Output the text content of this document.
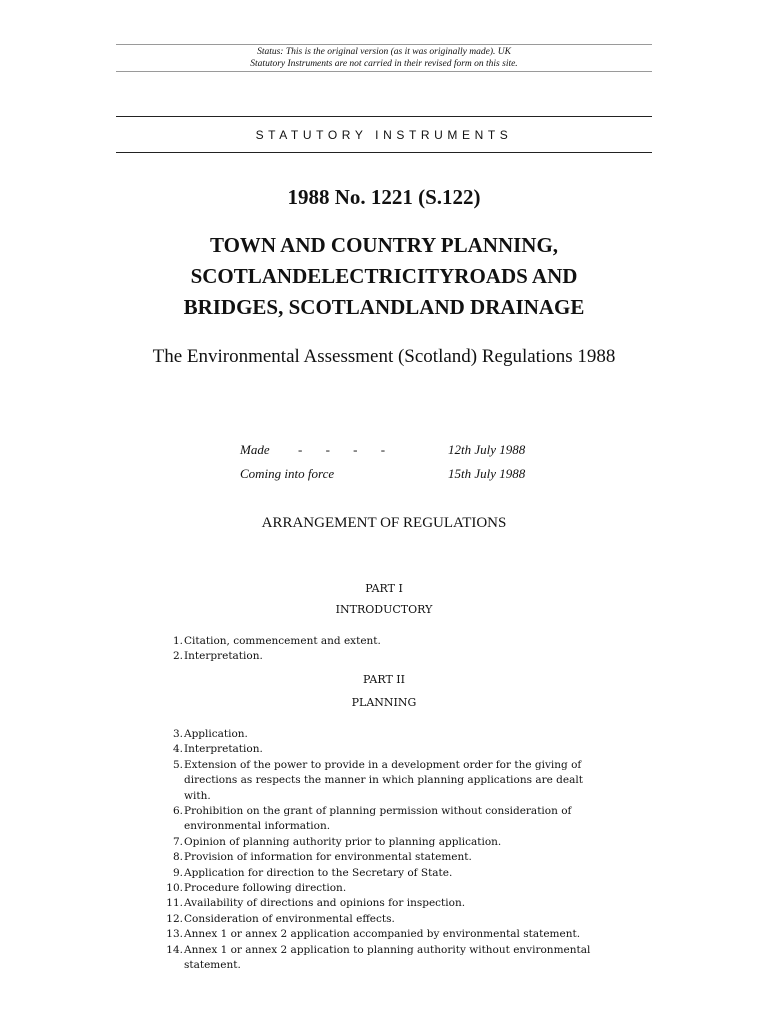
Status: This is the original version (as it was originally made). UK
Statutory Instruments are not carried in their revised form on this site.
STATUTORY INSTRUMENTS
1988 No. 1221 (S.122)
TOWN AND COUNTRY PLANNING,
SCOTLANDELECTRICITYROADS AND
BRIDGES, SCOTLANDLAND DRAINAGE
The Environmental Assessment (Scotland) Regulations 1988
Made	- - - -	12th July 1988
Coming into force	15th July 1988
ARRANGEMENT OF REGULATIONS
PART I
INTRODUCTORY
1. Citation, commencement and extent.
2. Interpretation.
PART II
PLANNING
3. Application.
4. Interpretation.
5. Extension of the power to provide in a development order for the giving of directions as respects the manner in which planning applications are dealt with.
6. Prohibition on the grant of planning permission without consideration of environmental information.
7. Opinion of planning authority prior to planning application.
8. Provision of information for environmental statement.
9. Application for direction to the Secretary of State.
10. Procedure following direction.
11. Availability of directions and opinions for inspection.
12. Consideration of environmental effects.
13. Annex 1 or annex 2 application accompanied by environmental statement.
14. Annex 1 or annex 2 application to planning authority without environmental statement.
